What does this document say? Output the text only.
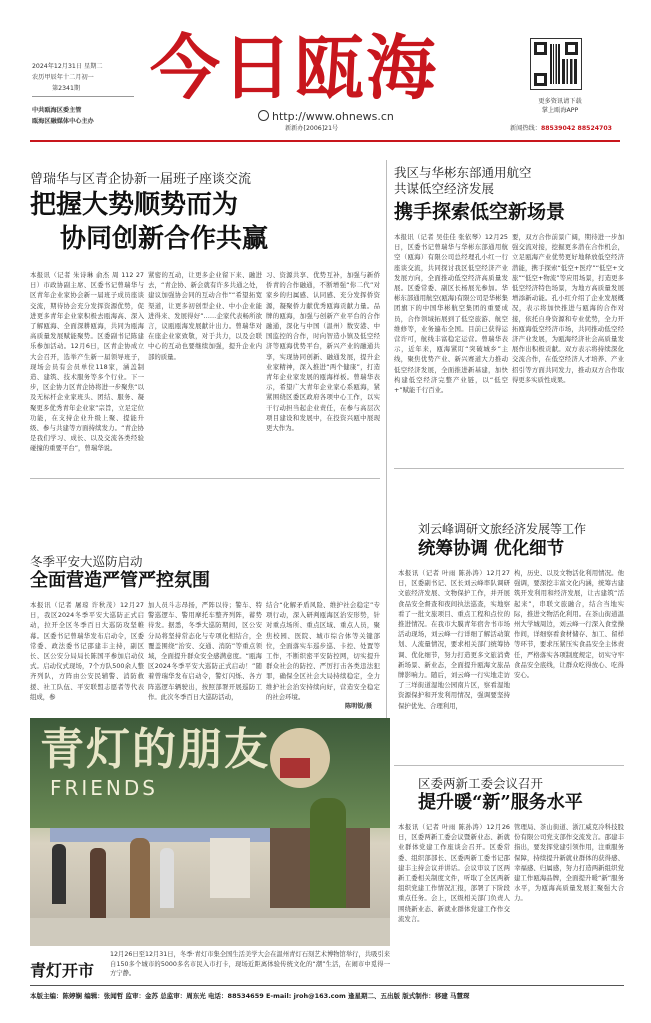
2024年12月31日 星期二
农历甲辰年十二月初一
第2341期
中共瓯海区委主管
瓯海区融媒体中心主办
今日瓯海
http://www.ohnews.cn
新新办[2006]21号
更多资讯请下载
掌上瓯海APP
新闻热线：88539042 88524703
曾瑞华与区青企协新一届班子座谈交流
把握大势顺势而为
协同创新合作共赢
本报讯（记者 朱诗琳 俞杰 周 112 27日）市政协副主席、区委书记曾瑞华与区青年企业家协会新一届班子成员座谈交流，期待协会充分发挥资源优势，促进更多青年企业家积极去瓯海高、深入了解瓯海、全面深耕瓯海，共同为瓯海高质量发展赋能聚势。区委副书记陈建乐参加活动。12月6日，区青企协成立大会召开，选举产生新一届领导班子，现场会员有会员单位118家，涵盖制造、建筑、技术服务等多个行业。下一步，区企协力区青企协将进一步聚焦“以及无标杆企业家班头、团结、服务、凝聚更多优秀青年企业家”宗旨，立足定位功能，在支持企业升级上聚、提能升级、参与共建等方面持续发力。“青企协是我们学习、成长、以及交流各类经验碰撞的重要平台”，曾瑞华说。
紧密的互动，让更多企业留下来、融进去，“青企协、新会就有许多共通之处，建议加强协会同的互动合作”“希望拓宽渠道，让更多初创型企业、中小企业能进得来、发展得好”……企家代表畅所欲言，议瓯瓯海发展献计出力。曾瑞华对在座企业家致敬，对于共力，以及会联中心的互动也要继续加强，提升企业内部的质量。
习、资源共享、优势互补，加强与新侨侨青的合作融通，不断增强“你二代”对家乡的归属感、认同感、充分发挥侨资源，凝聚侨力献优秀瓯海贡献力量。品牌的瓯海，加强与创新产业平台的合作融通，深化与中国（温州）数安港、中国监控的合作，时向智造小镇及低空经济等瓯海优势平台，新兴产业的融通共享，实现协同创新、融通发展，提升企业家精神，深入推进“两个健康”，打造青年企业家发展的瓯海样板。曾瑞华表示，希望广大青年企业家心系瓯海，紧紧围绕区委区政府各项中心工作，以实干行动担当起企业责任，在参与高层次项目建设和发展中，在投资兴瓯中展现更大作为。
我区与华彬东部通用航空
共谋低空经济发展
携手探索低空新场景
本报讯（记者 吴佳佳 张依琴）12月25日，区委书记曾瑞华与华彬东部通用航空（瓯海）有限公司总经理孔小红一行座谈交流，共同探讨我区低空经济产业发展方向，全面推动低空经济高质量发展。区委常委、副区长杨展光参加。华彬东部通用航空(瓯海)有限公司是华彬集团旗下的中国华彬航空集团的重要成员，合作领域拓展到了低空旅游、航空维修等，业务遍布全国。目前已获得运营许可，航线丰富稳定运营。曾瑞华表示，近年来，瓯海紧盯“突破城乡”主线，聚焦优势产业、新兴赛道大力推动低空经济发展，全面推进新基建，加快构建低空经济完整产业链，以“低空+”赋能千行百业。
要，双方合作前景广阔，期待进一步加强交流对接，挖掘更多潜在合作机会，立足瓯海产业优势更好地释放低空经济潜能，携手探索“低空+医疗”“低空+文旅”“低空+物流”等应用场景，打造更多低空经济特色场景，为地方高质量发展增添新动能。孔小红介绍了企业发展概况，表示将加快推进与瓯海的合作对接，依托自身资源和专业优势，全力开拓瓯海低空经济市场，共同推动低空经济产业发展，为瓯海经济社会高质量发展作出积极贡献。双方表示将持续深化交流合作，在低空经济人才培养、产业招引等方面共同发力，推动双方合作取得更多实质性成果。
冬季平安大巡防启动
全面营造严管严控氛围
本报讯（记者 屠琼 许秋茂）12月27日，我区2024冬季平安大巡防正式启动，拉开全区冬季百日大巡防攻坚帷幕。区委书记曾瑞华发布启动令，区委常委、政法委书记邵建丰主持，副区长、区公安分局局长陈国平参加启动仪式。启动仪式现场，7个方队500余人整齐列队，方阵由公安民辅警、消防救援、社工队伍、平安联盟志愿者等代表组成，参
加人员斗志昂扬，严阵以待；警车、特警巡逻车、警用摩托车整齐列阵，蓄势待发。据悉，冬季大巡防期间，区公安分局将坚持常态化与专项化相结合，全覆盖围绕“治安、交通、消防”等重点领域，全面提升群众安全感满意度。“瓯海区2024冬季平安大巡防正式启动！”随着曾瑞华发布启动令，警灯闪烁、各方阵巡逻车辆驶出，按照部署开展巡防工作。此次冬季百日大巡防活动，
结合“化解矛盾风险、维护社会稳定”专项行动，深入研判瓯海区治安形势，针对重点场所、重点区域、重点人员，聚焦校园、医院、城市综合体等关键部位，全面落实车巡步巡、卡控、处置等工作，不断织密平安防控网，切实提升群众社会的防控、严厉打击各类违法犯罪，确保全区社会大局持续稳定，全力维护社会治安持续向好，营造安全稳定的社会环境。
刘云峰调研文旅经济发展等工作
统筹协调 优化细节
本报讯（记者 叶雨 陈孙涛）12月27日，区委副书记、区长刘云峰率队调研文旅经济发展、文物保护工作，并开展食品安全督查和夜间执法巡查，实地察看了一批文旅项目、重点工程和点位的推进情况。在我市大膜青年宿舍书市场活动现场，刘云峰一行详细了解活动策划、人流量情况，要求相关部门统筹协调、优化细节，努力打造更多文旅消费新场景、新业态，全面提升瓯海文旅品牌影响力。随后，刘云峰一行实地走访了三垟街道湿地公园南片区，察看湿地资源保护和开发利用情况，强调要坚持保护优先、合理利用，
构，历史、以及文物活化利用情况。他强调，要深挖丰富文化内涵，统筹古建筑开发利用和经济发展，让古建筑“活起来”，串联文旅融合，结合当地实际，推进文物活化利用。在茶山街道温州大学城周边，刘云峰一行深入食堂操作间，详细察看食材储存、加工、留样等环节，要求压紧压实食品安全主体责任，严格落实各项制度规定，切实守牢食品安全底线，让群众吃得放心、吃得安心。
青灯的朋友
FRIENDS
青灯开市
12月26日至12月31日，冬季·青灯市集全国生活美学大会在温州青灯石刻艺术博物馆举行，共吸引来自150多个城市的5000多名市民入市打卡，现场近距离体验传统文化的“潮”生活，在闹市中觅得一方宁静。
陈明锐/摄
区委两新工委会议召开
提升暖“新”服务水平
本报讯（记者 叶雨 陈孙涛）12月26日，区委两新工委会议暨新业态、新就业群体党建工作座谈会召开。区委常委、组织部部长、区委两新工委书记邵建丰主持会议并讲话。会议审议了区两新工委相关制度文件，听取了全区两新组织党建工作情况汇报，部署了下阶段重点任务。会上，区级相关部门负责人围绕新业态、新就业群体党建工作作交流发言。
管理局、茶山街道、浙江威克冷科技股份有限公司党支部作交流发言。邵建丰指出，要发挥党建引领作用，注重服务保障，持续提升新就业群体的获得感、幸福感、归属感，努力打造两新组织党建工作瓯海品牌，全面提升暖“新”服务水平，为瓯海高质量发展汇聚强大合力。
本版主编：陈婷娴 编辑：张闻哲 监审：金苏 总监审：周东光 电话：88534659 E-mail: jroh@163.com 逢星期二、五出版 版式制作：移建 马慧琛
